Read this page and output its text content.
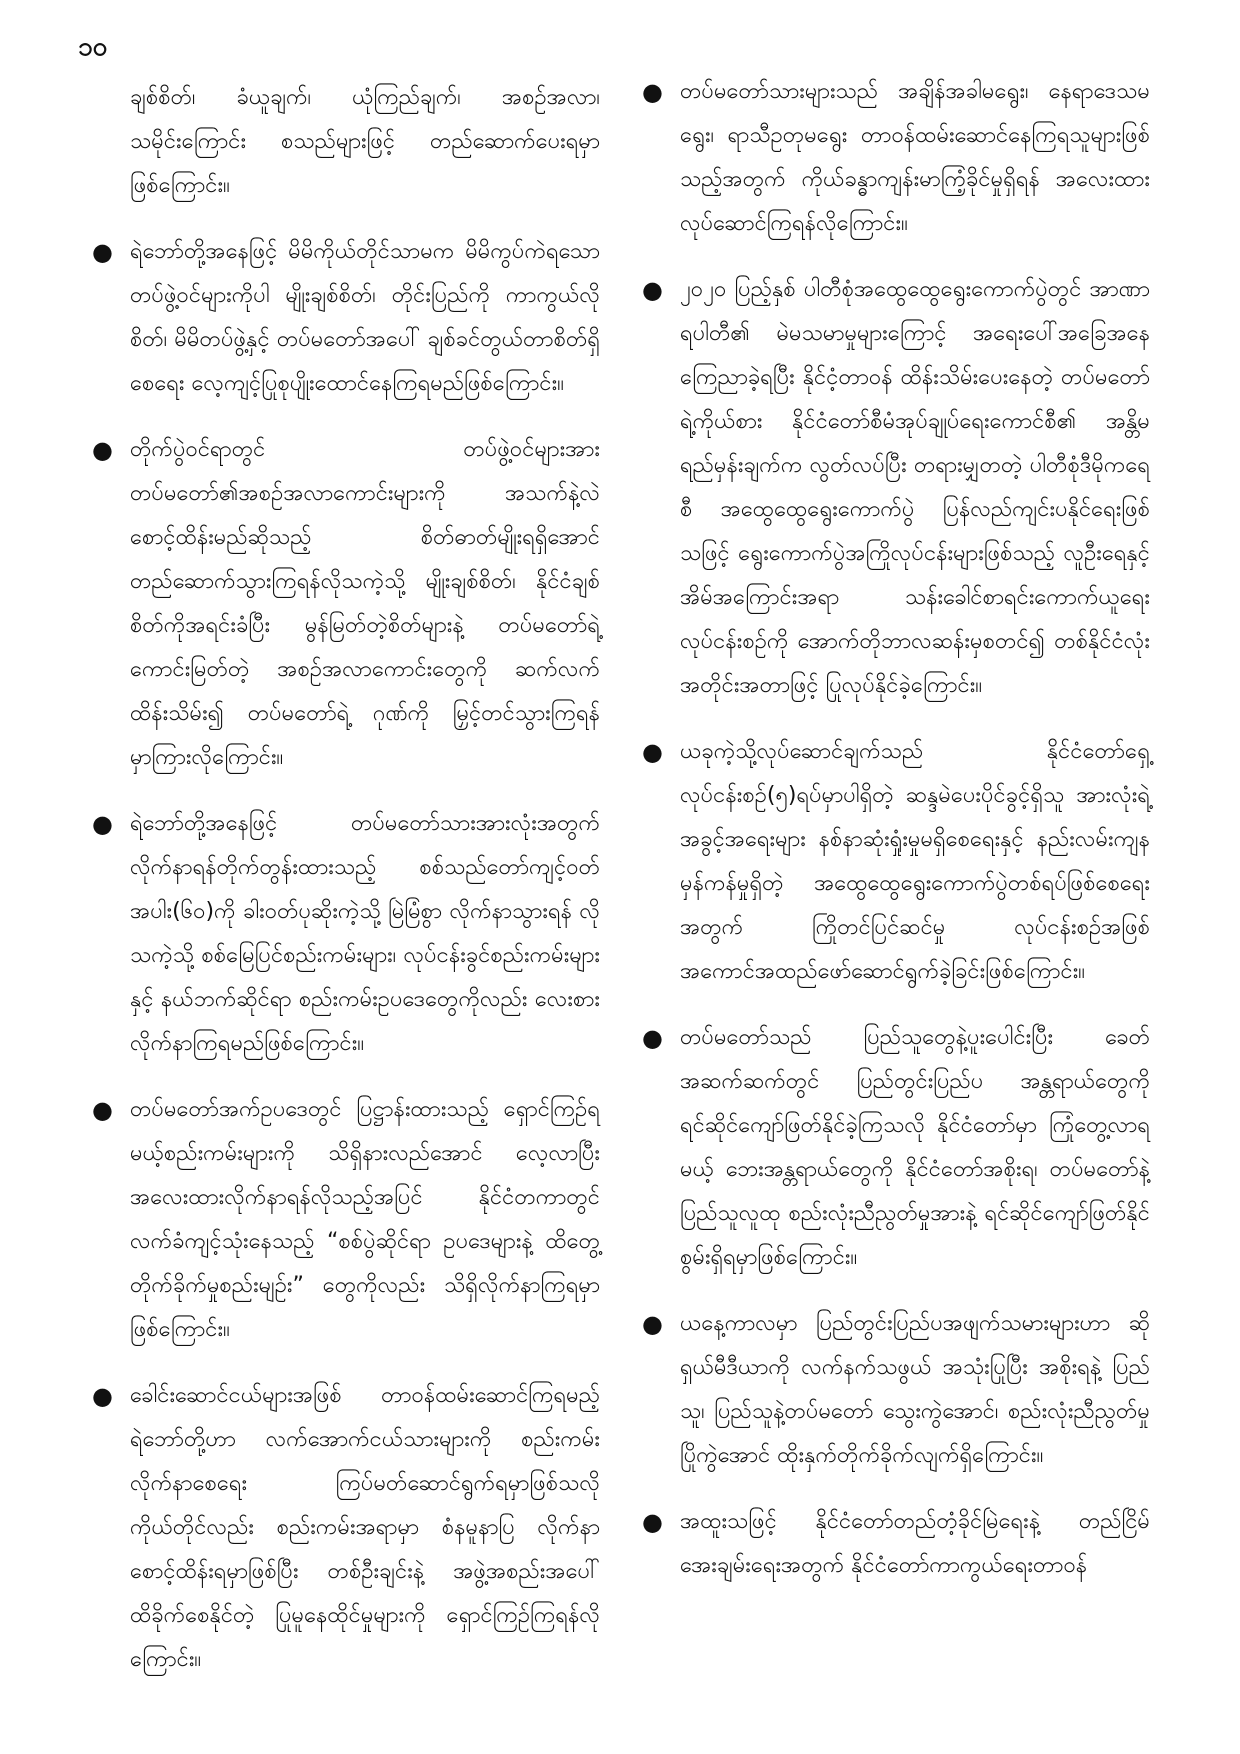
၁၀

ချစ်စိတ်၊ ခံယူချက်၊ ယုံကြည်ချက်၊ အစဉ်အလာ၊ သမိုင်းကြောင်း စသည်များဖြင့် တည်ဆောက်ပေးရမှာဖြစ်ကြောင်း။

● ရဲဘော်တို့အနေဖြင့် မိမိကိုယ်တိုင်သာမက မိမိကွပ်ကဲရသော တပ်ဖွဲ့ဝင်များကိုပါ မျိုးချစ်စိတ်၊ တိုင်းပြည်ကို ကာကွယ်လိုစိတ်၊ မိမိတပ်ဖွဲ့နှင့် တပ်မတော်အပေါ် ချစ်ခင်တွယ်တာစိတ်ရှိစေရေး လေ့ကျင့်ပြုစုပျိုးထောင်နေကြရမည်ဖြစ်ကြောင်း။
● တိုက်ပွဲဝင်ရာတွင် တပ်ဖွဲ့ဝင်များအား တပ်မတော်၏အစဉ်အလာကောင်းများကို အသက်နဲ့လဲ စောင့်ထိန်းမည်ဆိုသည့် စိတ်ဓာတ်မျိုးရရှိအောင် တည်ဆောက်သွားကြရန်လိုသကဲ့သို့ မျိုးချစ်စိတ်၊ နိုင်ငံချစ်စိတ်ကိုအရင်းခံပြီး မွန်မြတ်တဲ့စိတ်များနဲ့ တပ်မတော်ရဲ့ ကောင်းမြတ်တဲ့ အစဉ်အလာကောင်းတွေကို ဆက်လက်ထိန်းသိမ်း၍ တပ်မတော်ရဲ့ ဂုဏ်ကို မြှင့်တင်သွားကြရန် မှာကြားလိုကြောင်း။
● ရဲဘော်တို့အနေဖြင့် တပ်မတော်သားအားလုံးအတွက် လိုက်နာရန်တိုက်တွန်းထားသည့် စစ်သည်တော်ကျင့်ဝတ်အပါး(၆၀)ကို ခါးဝတ်ပုဆိုးကဲ့သို့ မြဲမြံစွာ လိုက်နာသွားရန် လိုသကဲ့သို့ စစ်မြေပြင်စည်းကမ်းများ၊ လုပ်ငန်းခွင်စည်းကမ်းများနှင့် နယ်ဘက်ဆိုင်ရာ စည်းကမ်းဥပဒေတွေကိုလည်း လေးစားလိုက်နာကြရမည်ဖြစ်ကြောင်း။
● တပ်မတော်အက်ဥပဒေတွင် ပြဋ္ဌာန်းထားသည့် ရှောင်ကြဉ်ရမယ့်စည်းကမ်းများကို သိရှိနားလည်အောင် လေ့လာပြီး အလေးထားလိုက်နာရန်လိုသည့်အပြင် နိုင်ငံတကာတွင် လက်ခံကျင့်သုံးနေသည့် “စစ်ပွဲဆိုင်ရာ ဥပဒေများနဲ့ ထိတွေ့တိုက်ခိုက်မှုစည်းမျဉ်း” တွေကိုလည်း သိရှိလိုက်နာကြရမှာဖြစ်ကြောင်း။
● ခေါင်းဆောင်ငယ်များအဖြစ် တာဝန်ထမ်းဆောင်ကြရမည့် ရဲဘော်တို့ဟာ လက်အောက်ငယ်သားများကို စည်းကမ်းလိုက်နာစေရေး ကြပ်မတ်ဆောင်ရွက်ရမှာဖြစ်သလို ကိုယ်တိုင်လည်း စည်းကမ်းအရာမှာ စံနမူနာပြ လိုက်နာစောင့်ထိန်းရမှာဖြစ်ပြီး တစ်ဦးချင်းနဲ့ အဖွဲ့အစည်းအပေါ် ထိခိုက်စေနိုင်တဲ့ ပြုမူနေထိုင်မှုများကို ရှောင်ကြဉ်ကြရန်လိုကြောင်း။
● တပ်မတော်သားများသည် အချိန်အခါမရွေး၊ နေရာဒေသမရွေး၊ ရာသီဥတုမရွေး တာဝန်ထမ်းဆောင်နေကြရသူများဖြစ်သည့်အတွက် ကိုယ်ခန္ဓာကျန်းမာကြံ့ခိုင်မှုရှိရန် အလေးထားလုပ်ဆောင်ကြရန်လိုကြောင်း။
● ၂၀၂၀ ပြည့်နှစ် ပါတီစုံအထွေထွေရွေးကောက်ပွဲတွင် အာဏာရပါတီ၏ မဲမသမာမှုများကြောင့် အရေးပေါ်အခြေအနေကြေညာခဲ့ရပြီး နိုင်ငံ့တာဝန် ထိန်းသိမ်းပေးနေတဲ့ တပ်မတော်ရဲ့ကိုယ်စား နိုင်ငံတော်စီမံအုပ်ချုပ်ရေးကောင်စီ၏ အန္တိမရည်မှန်းချက်က လွတ်လပ်ပြီး တရားမျှတတဲ့ ပါတီစုံဒီမိုကရေစီ အထွေထွေရွေးကောက်ပွဲ ပြန်လည်ကျင်းပနိုင်ရေးဖြစ်သဖြင့် ရွေးကောက်ပွဲအကြိုလုပ်ငန်းများဖြစ်သည့် လူဦးရေနှင့် အိမ်အကြောင်းအရာ သန်းခေါင်စာရင်းကောက်ယူရေးလုပ်ငန်းစဉ်ကို အောက်တိုဘာလဆန်းမှစတင်၍ တစ်နိုင်ငံလုံးအတိုင်းအတာဖြင့် ပြုလုပ်နိုင်ခဲ့ကြောင်း။
● ယခုကဲ့သို့လုပ်ဆောင်ချက်သည် နိုင်ငံတော်ရှေ့လုပ်ငန်းစဉ်(၅)ရပ်မှာပါရှိတဲ့ ဆန္ဒမဲပေးပိုင်ခွင့်ရှိသူ အားလုံးရဲ့အခွင့်အရေးများ နစ်နာဆုံးရှုံးမှုမရှိစေရေးနှင့် နည်းလမ်းကျနမှန်ကန်မှုရှိတဲ့ အထွေထွေရွေးကောက်ပွဲတစ်ရပ်ဖြစ်စေရေးအတွက် ကြိုတင်ပြင်ဆင်မှု လုပ်ငန်းစဉ်အဖြစ် အကောင်အထည်ဖော်ဆောင်ရွက်ခဲ့ခြင်းဖြစ်ကြောင်း။
● တပ်မတော်သည် ပြည်သူတွေနဲ့ပူးပေါင်းပြီး ခေတ်အဆက်ဆက်တွင် ပြည်တွင်းပြည်ပ အန္တရာယ်တွေကို ရင်ဆိုင်ကျော်ဖြတ်နိုင်ခဲ့ကြသလို နိုင်ငံတော်မှာ ကြုံတွေ့လာရမယ့် ဘေးအန္တရာယ်တွေကို နိုင်ငံတော်အစိုးရ၊ တပ်မတော်နဲ့ ပြည်သူလူထု စည်းလုံးညီညွတ်မှုအားနဲ့ ရင်ဆိုင်ကျော်ဖြတ်နိုင်စွမ်းရှိရမှာဖြစ်ကြောင်း။
● ယနေ့ကာလမှာ ပြည်တွင်းပြည်ပအဖျက်သမားများဟာ ဆိုရှယ်မီဒီယာကို လက်နက်သဖွယ် အသုံးပြုပြီး အစိုးရနဲ့ ပြည်သူ၊ ပြည်သူနဲ့တပ်မတော် သွေးကွဲအောင်၊ စည်းလုံးညီညွတ်မှုပြိုကွဲအောင် ထိုးနှက်တိုက်ခိုက်လျက်ရှိကြောင်း။
● အထူးသဖြင့် နိုင်ငံတော်တည်တံ့ခိုင်မြဲရေးနဲ့ တည်ငြိမ်အေးချမ်းရေးအတွက် နိုင်ငံတော်ကာကွယ်ရေးတာဝန်
